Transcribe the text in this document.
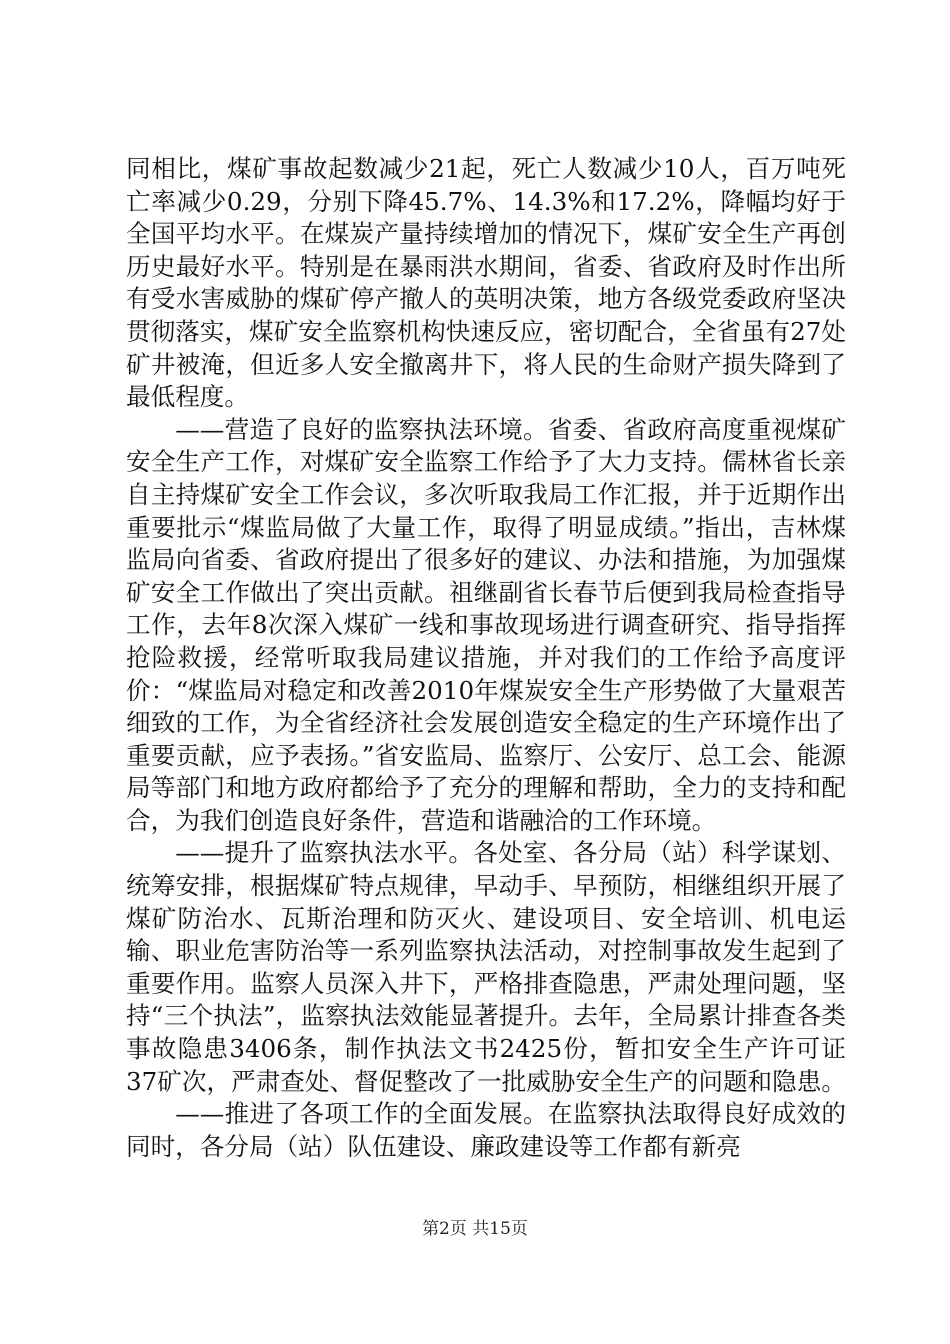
同相比，煤矿事故起数减少21起，死亡人数减少10人，百万吨死亡率减少0.29，分别下降45.7%、14.3%和17.2%，降幅均好于全国平均水平。在煤炭产量持续增加的情况下，煤矿安全生产再创历史最好水平。特别是在暴雨洪水期间，省委、省政府及时作出所有受水害威胁的煤矿停产撤人的英明决策，地方各级党委政府坚决贯彻落实，煤矿安全监察机构快速反应，密切配合，全省虽有27处矿井被淹，但近多人安全撤离井下，将人民的生命财产损失降到了最低程度。

——营造了良好的监察执法环境。省委、省政府高度重视煤矿安全生产工作，对煤矿安全监察工作给予了大力支持。儒林省长亲自主持煤矿安全工作会议，多次听取我局工作汇报，并于近期作出重要批示“煤监局做了大量工作，取得了明显成绩。”指出，吉林煤监局向省委、省政府提出了很多好的建议、办法和措施，为加强煤矿安全工作做出了突出贡献。祖继副省长春节后便到我局检查指导工作，去年8次深入煤矿一线和事故现场进行调查研究、指导指挥抢险救援，经常听取我局建议措施，并对我们的工作给予高度评价：“煤监局对稳定和改善2010年煤炭安全生产形势做了大量艰苦细致的工作，为全省经济社会发展创造安全稳定的生产环境作出了重要贡献，应予表扬。”省安监局、监察厅、公安厅、总工会、能源局等部门和地方政府都给予了充分的理解和帮助，全力的支持和配合，为我们创造良好条件，营造和谐融洽的工作环境。

——提升了监察执法水平。各处室、各分局（站）科学谋划、统筹安排，根据煤矿特点规律，早动手、早预防，相继组织开展了煤矿防治水、瓦斯治理和防灭火、建设项目、安全培训、机电运输、职业危害防治等一系列监察执法活动，对控制事故发生起到了重要作用。监察人员深入井下，严格排查隐患，严肃处理问题，坚持“三个执法”，监察执法效能显著提升。去年，全局累计排查各类事故隐患3406条，制作执法文书2425份，暂扣安全生产许可证37矿次，严肃查处、督促整改了一批威胁安全生产的问题和隐患。

——推进了各项工作的全面发展。在监察执法取得良好成效的同时，各分局（站）队伍建设、廉政建设等工作都有新亮

第2页 共15页
